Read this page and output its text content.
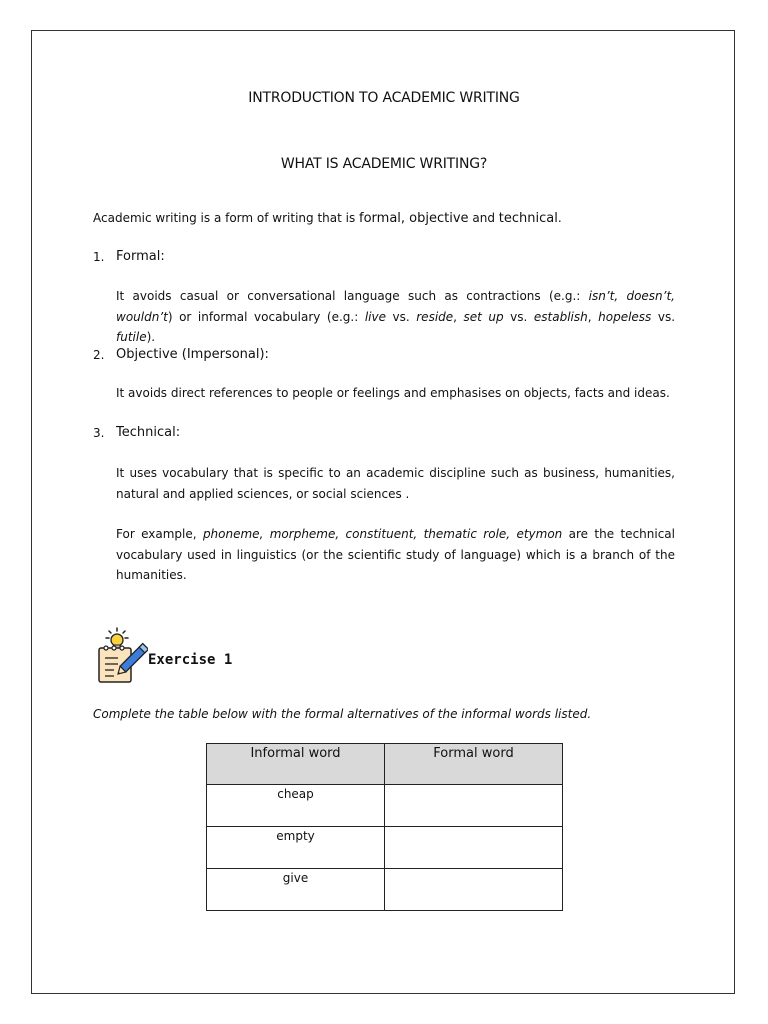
INTRODUCTION TO ACADEMIC WRITING
WHAT IS ACADEMIC WRITING?
Academic writing is a form of writing that is formal, objective and technical.
1. Formal:
It avoids casual or conversational language such as contractions (e.g.: isn’t, doesn’t, wouldn’t) or informal vocabulary (e.g.: live vs. reside, set up vs. establish, hopeless vs. futile).
2. Objective (Impersonal):
It avoids direct references to people or feelings and emphasises on objects, facts and ideas.
3. Technical:
It uses vocabulary that is specific to an academic discipline such as business, humanities, natural and applied sciences, or social sciences .
For example, phoneme, morpheme, constituent, thematic role, etymon are the technical vocabulary used in linguistics (or the scientific study of language) which is a branch of the humanities.
Exercise 1
Complete the table below with the formal alternatives of the informal words listed.
Informal word	Formal word
cheap	
empty	
give	
